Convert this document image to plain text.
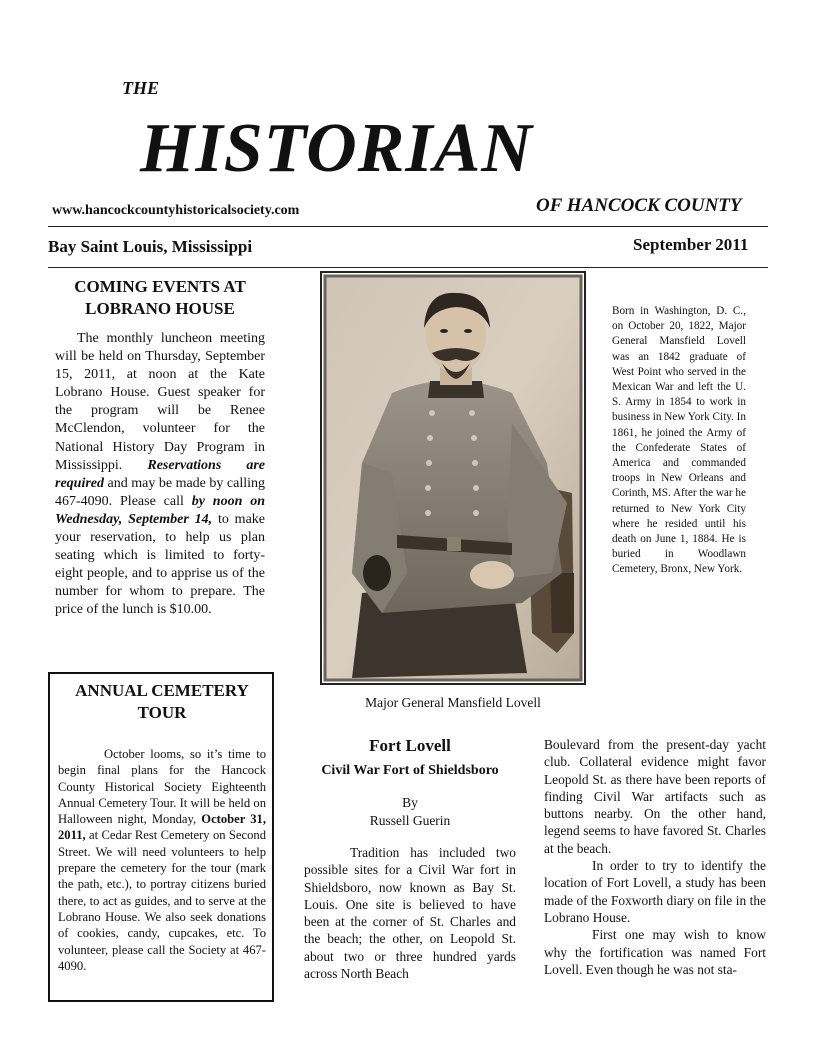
THE
HISTORIAN
www.hancockcountyhistoricalsociety.com	OF HANCOCK COUNTY
Bay Saint Louis, Mississippi	September 2011
COMING EVENTS AT LOBRANO HOUSE

The monthly luncheon meeting will be held on Thursday, September 15, 2011, at noon at the Kate Lobrano House. Guest speaker for the program will be Renee McClendon, volunteer for the National History Day Program in Mississippi. Reservations are required and may be made by calling 467-4090. Please call by noon on Wednesday, September 14, to make your reservation, to help us plan seating which is limited to forty-eight people, and to apprise us of the number for whom to prepare. The price of the lunch is $10.00.

ANNUAL CEMETERY TOUR

October looms, so it’s time to begin final plans for the Hancock County Historical Society Eighteenth Annual Cemetery Tour. It will be held on Halloween night, Monday, October 31, 2011, at Cedar Rest Cemetery on Second Street. We will need volunteers to help prepare the cemetery for the tour (mark the path, etc.), to portray citizens buried there, to act as guides, and to serve at the Lobrano House. We also seek donations of cookies, candy, cupcakes, etc. To volunteer, please call the Society at 467-4090.

Major General Mansfield Lovell
Born in Washington, D. C., on October 20, 1822, Major General Mansfield Lovell was an 1842 graduate of West Point who served in the Mexican War and left the U. S. Army in 1854 to work in business in New York City. In 1861, he joined the Army of the Confederate States of America and commanded troops in New Orleans and Corinth, MS. After the war he returned to New York City where he resided until his death on June 1, 1884. He is buried in Woodlawn Cemetery, Bronx, New York.
Fort Lovell
Civil War Fort of Shieldsboro
By
Russell Guerin

Tradition has included two possible sites for a Civil War fort in Shieldsboro, now known as Bay St. Louis. One site is believed to have been at the corner of St. Charles and the beach; the other, on Leopold St. about two or three hundred yards across North Beach

Boulevard from the present-day yacht club. Collateral evidence might favor Leopold St. as there have been reports of finding Civil War artifacts such as buttons nearby. On the other hand, legend seems to have favored St. Charles at the beach.

In order to try to identify the location of Fort Lovell, a study has been made of the Foxworth diary on file in the Lobrano House.

First one may wish to know why the fortification was named Fort Lovell. Even though he was not sta-
